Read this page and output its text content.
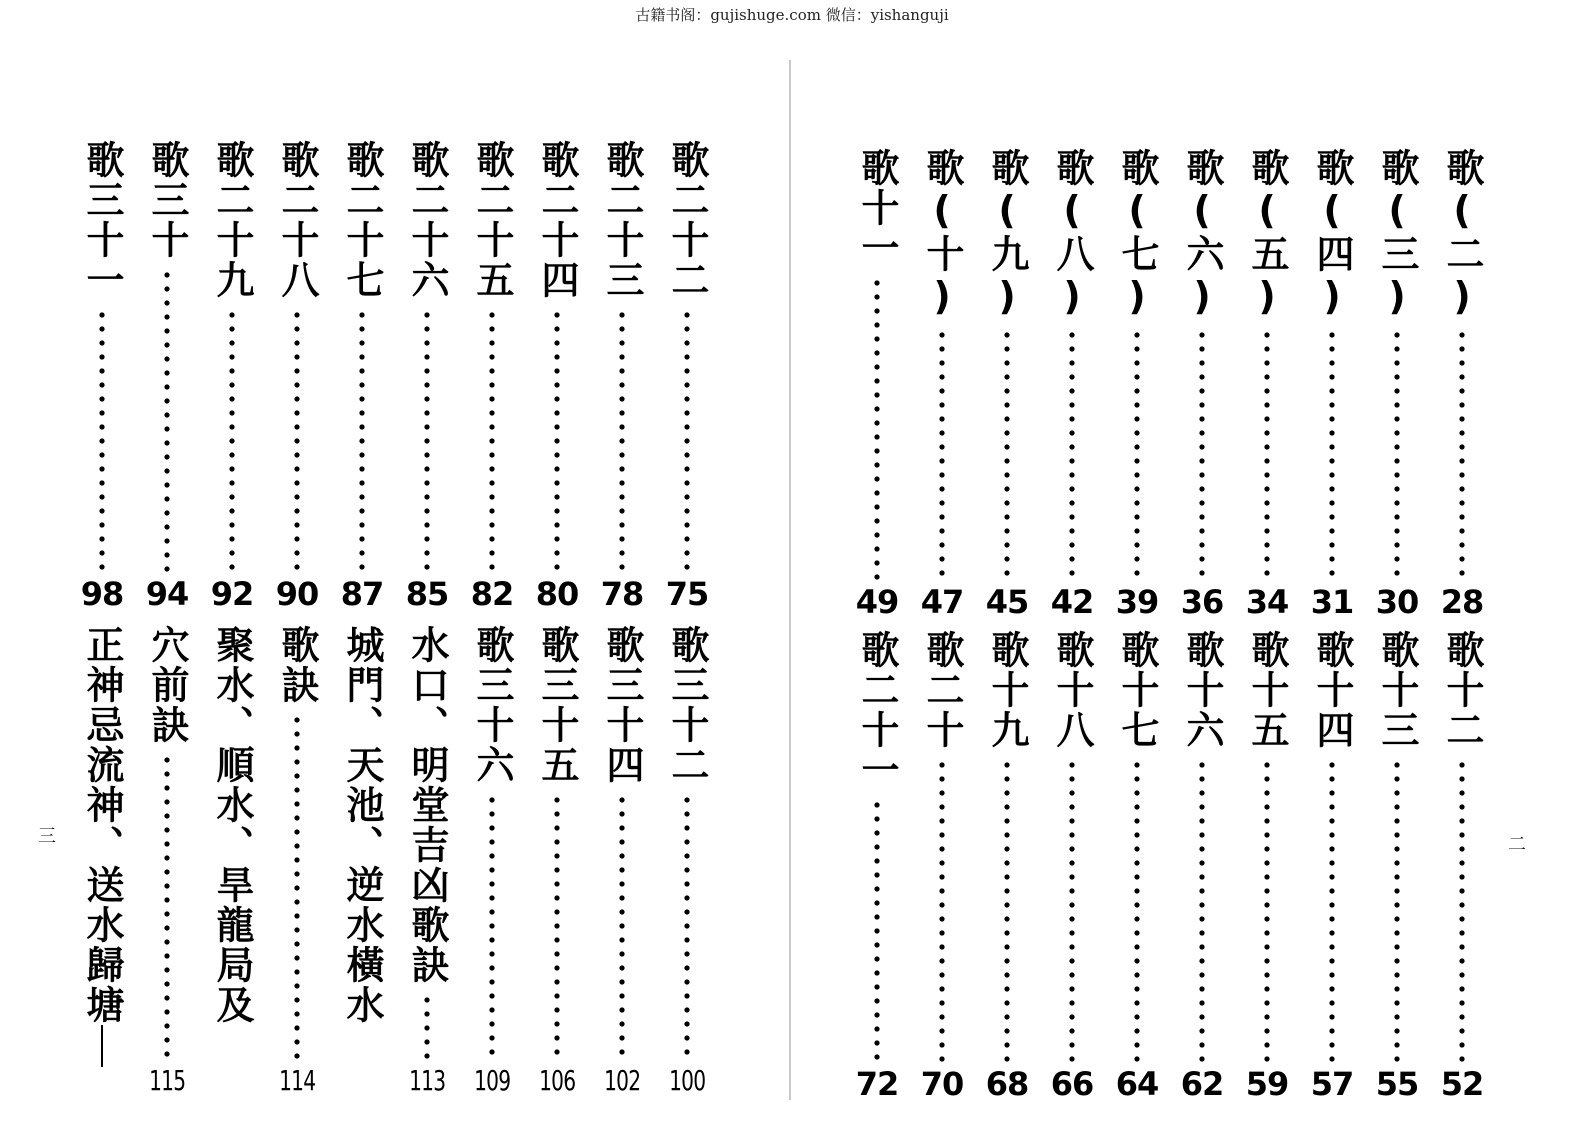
古籍书阁：gujishuge.com 微信：yishanguji
三	二
歌三十一
98
歌三十
94
歌二十九
92
歌二十八
90
歌二十七
87
歌二十六
85
歌二十五
82
歌二十四
80
歌二十三
78
歌二十二
75
正神忌流神、送水歸塘 穴前訣
115
聚水、順水、旱龍局及 歌訣
114
城門、天池、逆水橫水 水口、明堂吉凶歌訣
113
歌三十六
109
歌三十五
106
歌三十四
102
歌三十二
100
歌十一
49
歌(十)
47
歌(九)
45
歌(八)
42
歌(七)
39
歌(六)
36
歌(五)
34
歌(四)
31
歌(三)
30
歌(二)
28
歌二十一
72
歌二十
70
歌十九
68
歌十八
66
歌十七
64
歌十六
62
歌十五
59
歌十四
57
歌十三
55
歌十二
52
